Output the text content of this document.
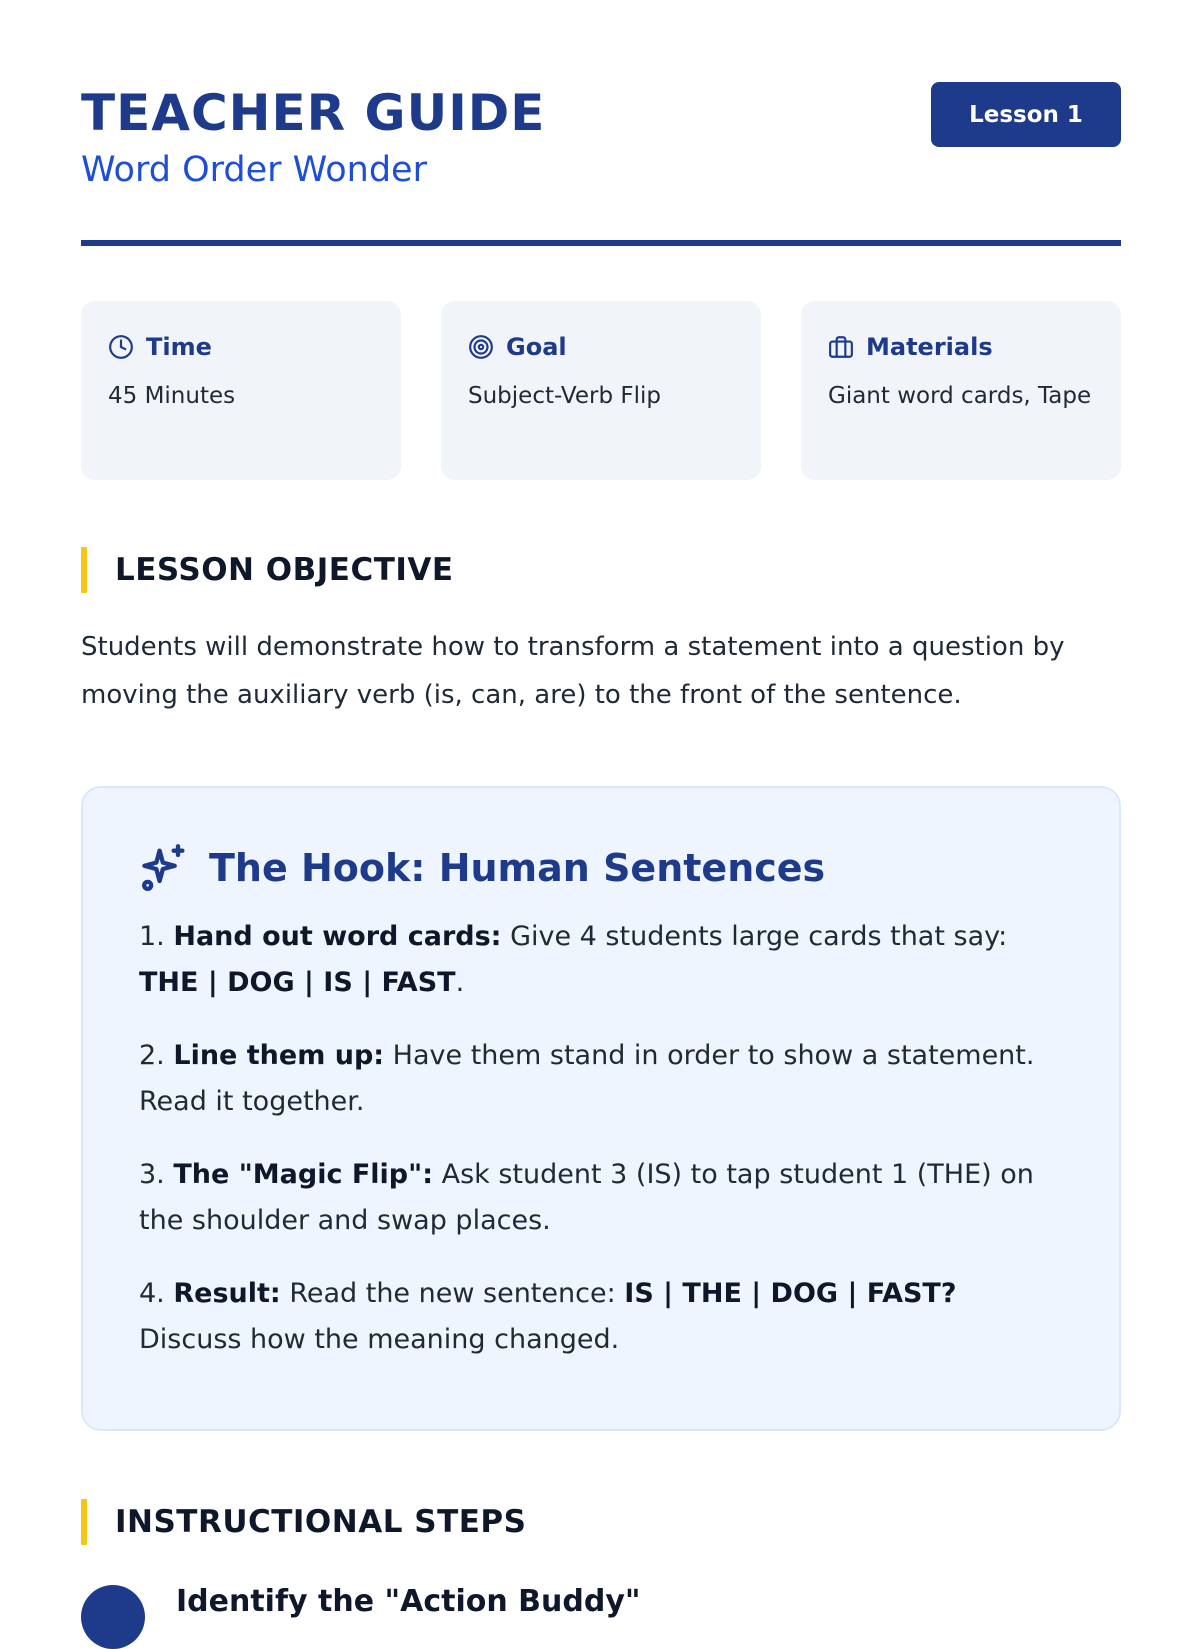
TEACHER GUIDE
Word Order Wonder
Lesson 1
Time
45 Minutes
Goal
Subject-Verb Flip
Materials
Giant word cards, Tape
LESSON OBJECTIVE

Students will demonstrate how to transform a statement into a question by moving the auxiliary verb (is, can, are) to the front of the sentence.

The Hook: Human Sentences
1. Hand out word cards: Give 4 students large cards that say: THE | DOG | IS | FAST.
2. Line them up: Have them stand in order to show a statement. Read it together.
3. The "Magic Flip": Ask student 3 (IS) to tap student 1 (THE) on the shoulder and swap places.
4. Result: Read the new sentence: IS | THE | DOG | FAST? Discuss how the meaning changed.
INSTRUCTIONAL STEPS
Identify the "Action Buddy"
